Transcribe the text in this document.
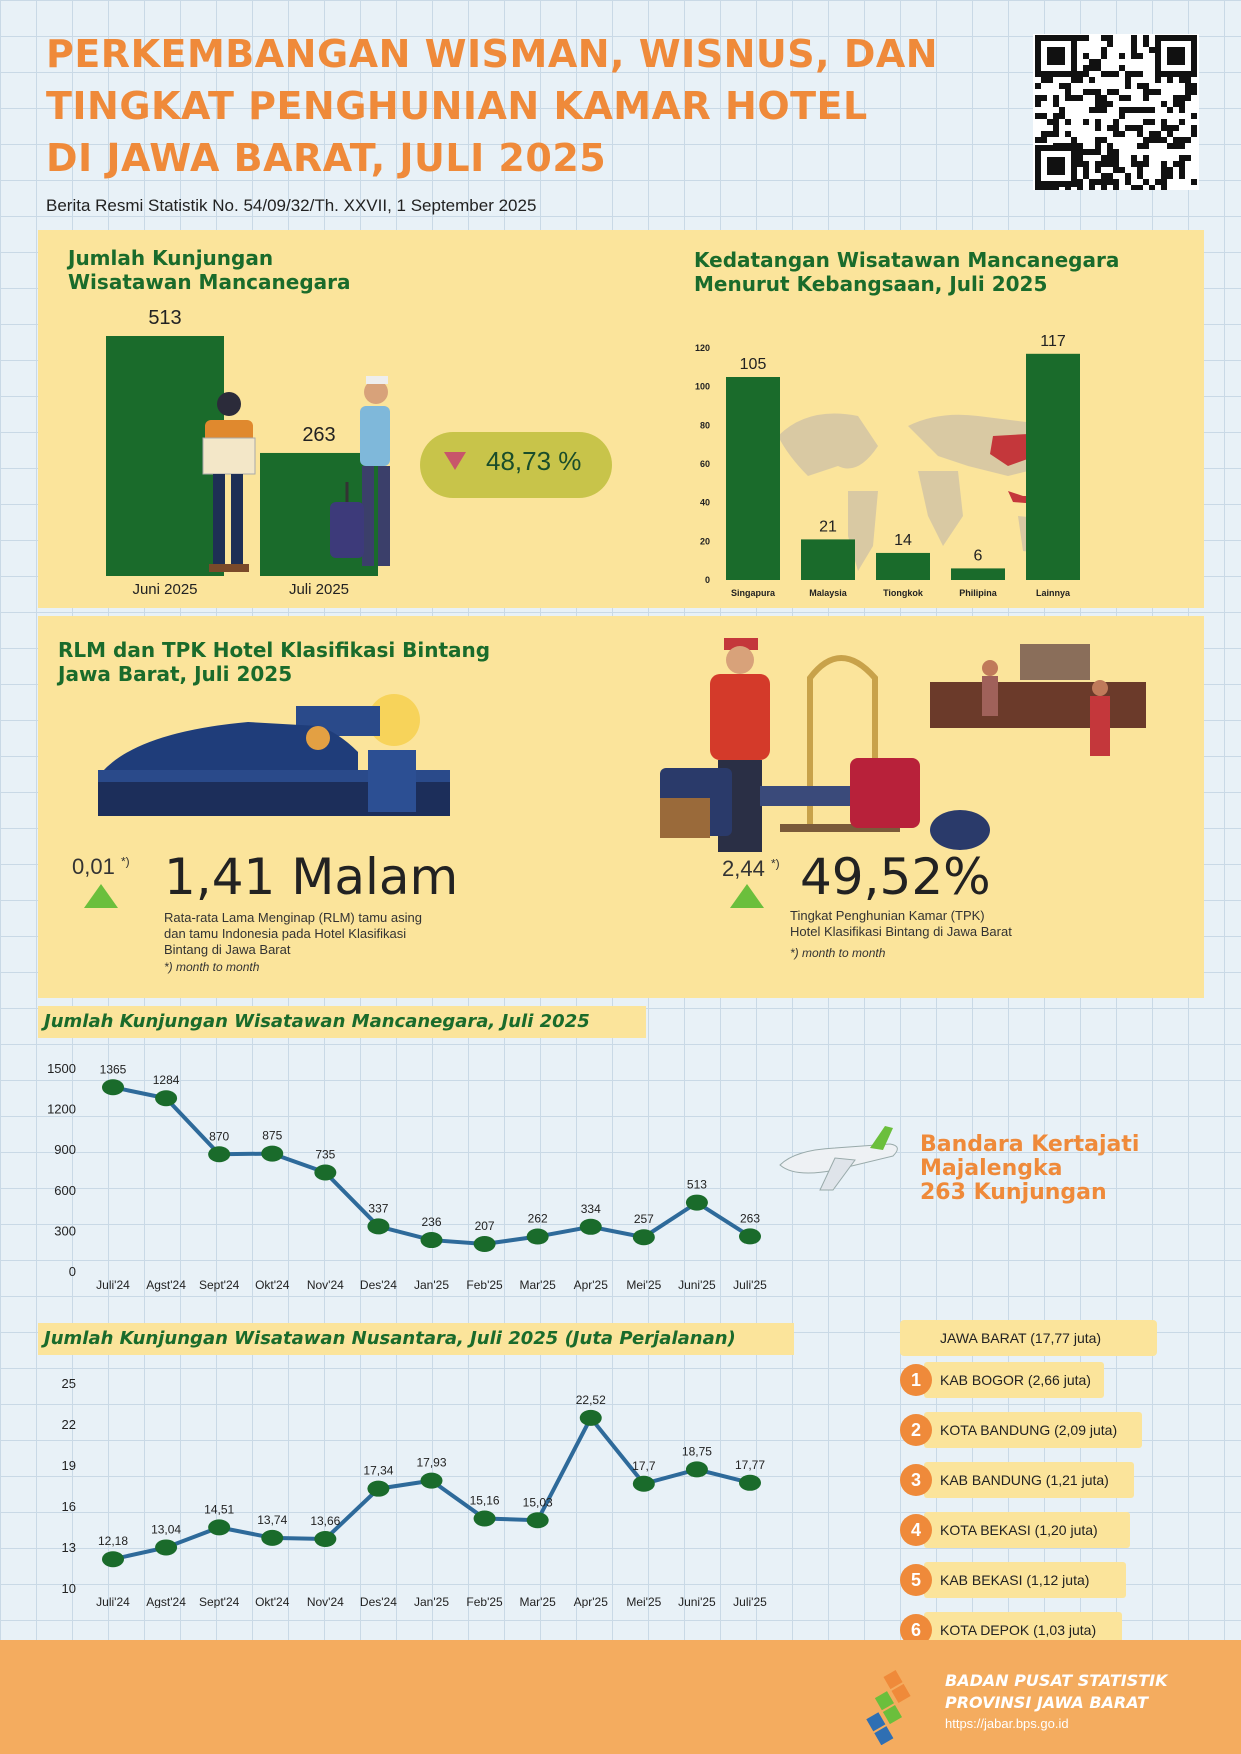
PERKEMBANGAN WISMAN, WISNUS, DAN
TINGKAT PENGHUNIAN KAMAR HOTEL
DI JAWA BARAT, JULI 2025
Berita Resmi Statistik No. 54/09/32/Th. XXVII, 1 September 2025
Jumlah Kunjungan
Wisatawan Mancanegara
513
Juni 2025
263
Juli 2025
48,73 %
Kedatangan Wisatawan Mancanegara
Menurut Kebangsaan, Juli 2025
0
20
40
60
80
100
120
105
Singapura
21
Malaysia
14
Tiongkok
6
Philipina
117
Lainnya
RLM dan TPK Hotel Klasifikasi Bintang
Jawa Barat, Juli 2025
0,01 *) 1,41 Malam
Rata-rata Lama Menginap (RLM) tamu asing
dan tamu Indonesia pada Hotel Klasifikasi
Bintang di Jawa Barat
*) month to month
2,44 *) 49,52%
Tingkat Penghunian Kamar (TPK)
Hotel Klasifikasi Bintang di Jawa Barat
*) month to month
Jumlah Kunjungan Wisatawan Mancanegara, Juli 2025
0
300
600
900
1200
1500 1365
Juli'24
1284
Agst'24
870
Sept'24
875
Okt'24
735
Nov'24
337
Des'24
236
Jan'25
207
Feb'25
262
Mar'25
334
Apr'25
257
Mei'25
513
Juni'25
263
Juli'25
Bandara Kertajati
Majalengka
263 Kunjungan
Jumlah Kunjungan Wisatawan Nusantara, Juli 2025 (Juta Perjalanan)
10
13
16
19
22
25
12,18
Juli'24
13,04
Agst'24
14,51
Sept'24
13,74
Okt'24
13,66
Nov'24
17,34
Des'24
17,93
Jan'25
15,16
Feb'25
15,03
Mar'25
22,52
Apr'25
17,7
Mei'25
18,75
Juni'25
17,77
Juli'25
JAWA BARAT (17,77 juta)
KAB BOGOR (2,66 juta)
1
KOTA BANDUNG (2,09 juta)
2
KAB BANDUNG (1,21 juta)
3
KOTA BEKASI (1,20 juta)
4
KAB BEKASI (1,12 juta)
5
KOTA DEPOK (1,03 juta)
6
BADAN PUSAT STATISTIK
PROVINSI JAWA BARAT
https://jabar.bps.go.id
